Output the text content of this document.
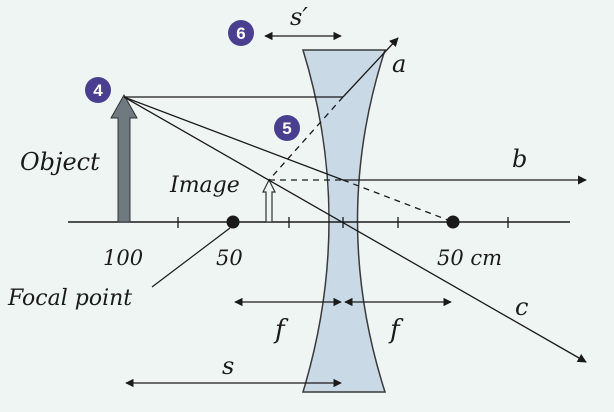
Object
Image
Focal point
a
b
c
100	50	50 cm
f	f
s
s′
4
5
6
